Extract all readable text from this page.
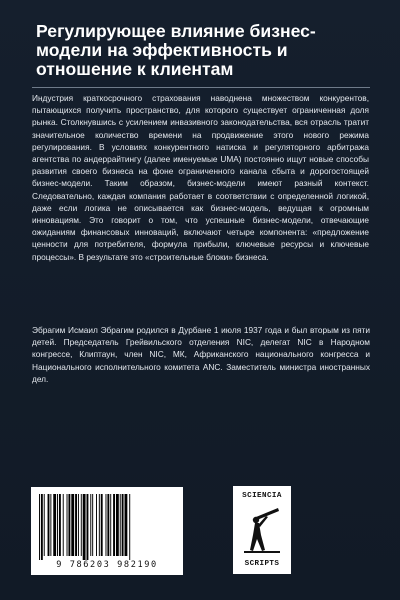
Регулирующее влияние бизнес-модели на эффективность и отношение к клиентам

Индустрия краткосрочного страхования наводнена множеством конкурентов, пытающихся получить пространство, для которого существует ограниченная доля рынка. Столкнувшись с усилением инвазивного законодательства, вся отрасль тратит значительное количество времени на продвижение этого нового режима регулирования. В условиях конкурентного натиска и регуляторного арбитража агентства по андеррайтингу (далее именуемые UMA) постоянно ищут новые способы развития своего бизнеса на фоне ограниченного канала сбыта и дорогостоящей бизнес-модели. Таким образом, бизнес-модели имеют разный контекст. Следовательно, каждая компания работает в соответствии с определенной логикой, даже если логика не описывается как бизнес-модель, ведущая к огромным инновациям. Это говорит о том, что успешные бизнес-модели, отвечающие ожиданиям финансовых инноваций, включают четыре компонента: «предложение ценности для потребителя, формула прибыли, ключевые ресурсы и ключевые процессы». В результате это «строительные блоки» бизнеса.

Эбрагим Исмаил Эбрагим родился в Дурбане 1 июля 1937 года и был вторым из пяти детей. Председатель Грейвильского отделения NIC, делегат NIC в Народном конгрессе, Клиптаун, член NIC, МК, Африканского национального конгресса и Национального исполнительного комитета ANC. Заместитель министра иностранных дел.

9 786203 982190
SCIENCIA
SCRIPTS
